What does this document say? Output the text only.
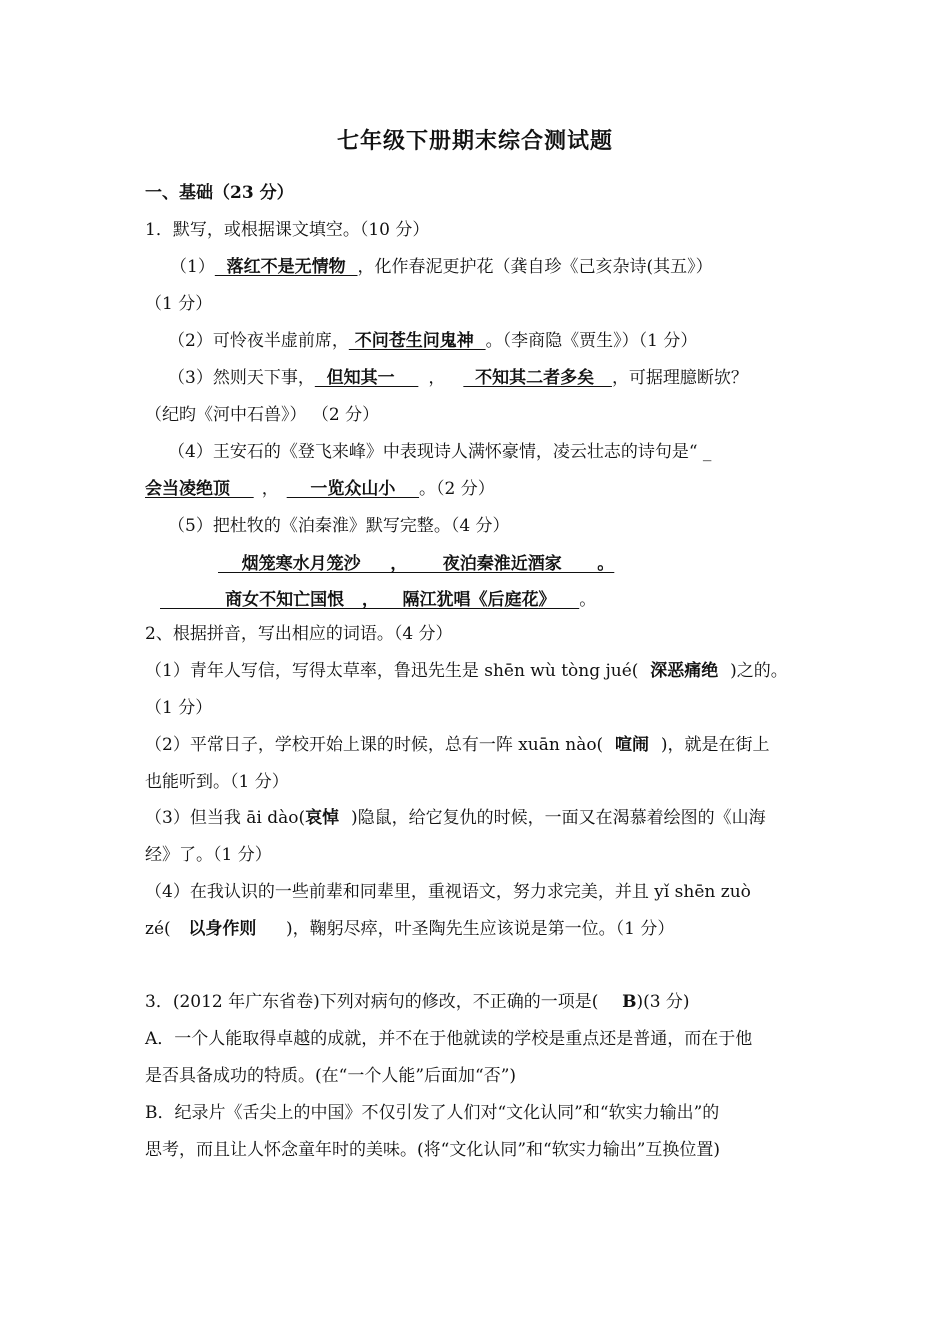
七年级下册期末综合测试题
一、基础（23 分）
1．默写，或根据课文填空。（10 分）
（1）  落红不是无情物  ，化作春泥更护花（龚自珍《己亥杂诗(其五》）
（1 分）
（2）可怜夜半虚前席， 不问苍生问鬼神  。（李商隐《贾生》）（1 分）
（3）然则天下事，  但知其一    ，  不知其二者多矣   ，可据理臆断欤？
（纪昀《河中石兽》） （2 分）
（4）王安石的《登飞来峰》中表现诗人满怀豪情，凌云壮志的诗句是“ _
会当凌绝顶    ，    一览众山小    。（2 分）
（5）把杜牧的《泊秦淮》默写完整。（4 分）
烟笼寒水月笼沙     ，      夜泊秦淮近酒家      。
商女不知亡国恨   ，    隔江犹唱《后庭花》    。
2、根据拼音，写出相应的词语。（4 分）
（1）青年人写信，写得太草率，鲁迅先生是 shēn wù tòng jué(  深恶痛绝  )之的。
（1 分）
（2）平常日子，学校开始上课的时候，总有一阵 xuān nào(  喧闹  )，就是在街上
也能听到。（1 分）
（3）但当我 āi dào(哀悼  )隐鼠，给它复仇的时候，一面又在渴慕着绘图的《山海
经》了。（1 分）
（4）在我认识的一些前辈和同辈里，重视语文，努力求完美，并且 yǐ shēn zuò
zé(   以身作则     )，鞠躬尽瘁，叶圣陶先生应该说是第一位。（1 分）
3．(2012 年广东省卷)下列对病句的修改，不正确的一项是(    B)(3 分)
A．一个人能取得卓越的成就，并不在于他就读的学校是重点还是普通，而在于他
是否具备成功的特质。(在“一个人能”后面加“否”)
B．纪录片《舌尖上的中国》不仅引发了人们对“文化认同”和“软实力输出”的
思考，而且让人怀念童年时的美味。(将“文化认同”和“软实力输出”互换位置)
